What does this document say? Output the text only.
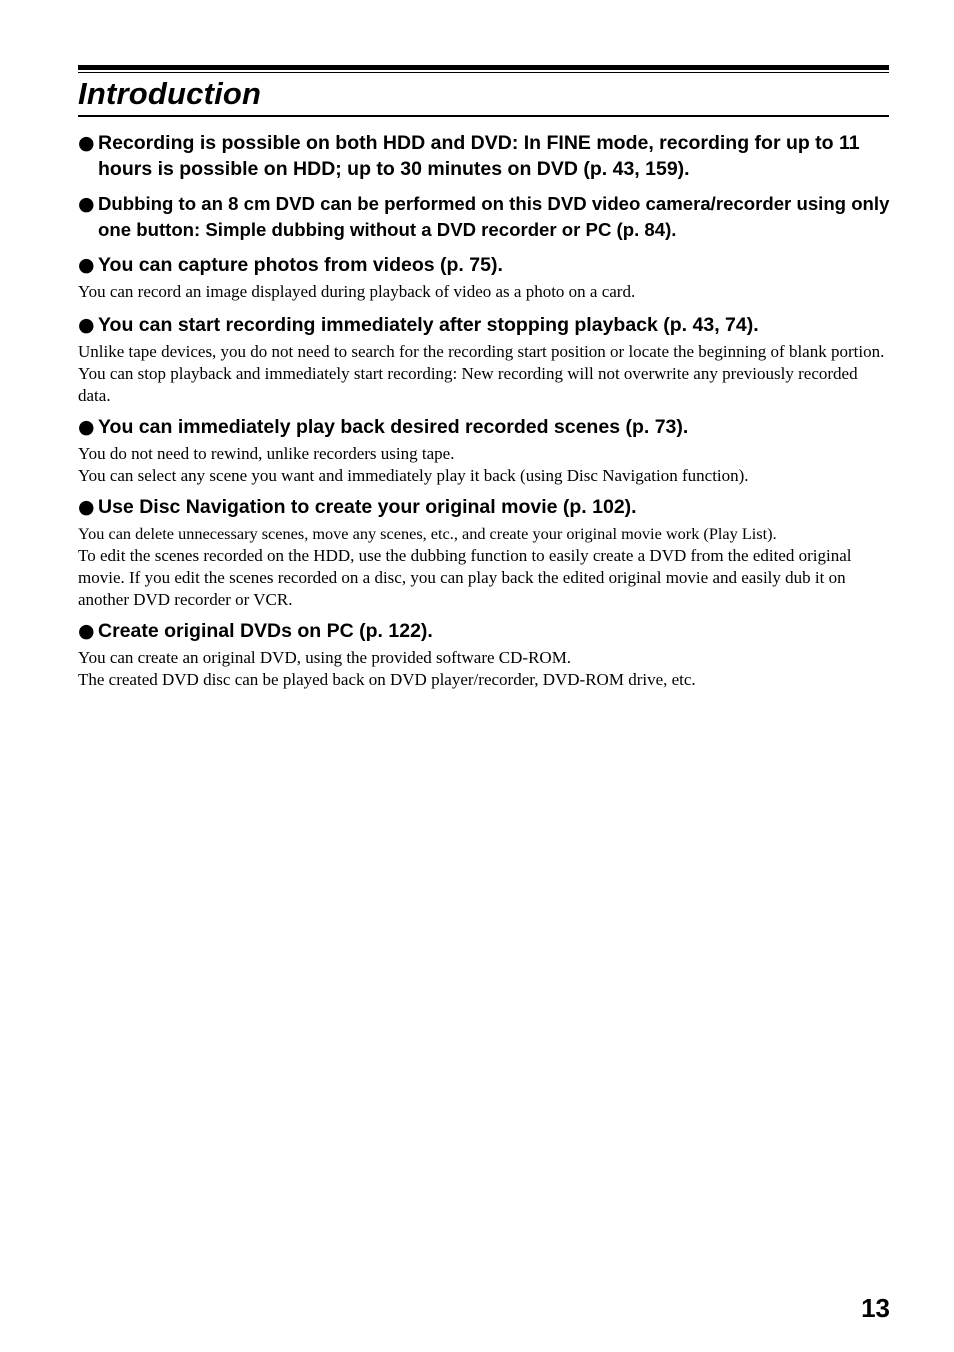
Introduction
● Recording is possible on both HDD and DVD: In FINE mode, recording for up to 11 hours is possible on HDD; up to 30 minutes on DVD (p. 43, 159).
● Dubbing to an 8 cm DVD can be performed on this DVD video camera/recorder using only one button: Simple dubbing without a DVD recorder or PC (p. 84).
● You can capture photos from videos (p. 75).

You can record an image displayed during playback of video as a photo on a card.

● You can start recording immediately after stopping playback (p. 43, 74).

Unlike tape devices, you do not need to search for the recording start position or locate the beginning of blank portion.

You can stop playback and immediately start recording: New recording will not overwrite any previously recorded data.

● You can immediately play back desired recorded scenes (p. 73).

You do not need to rewind, unlike recorders using tape.

You can select any scene you want and immediately play it back (using Disc Navigation function).

● Use Disc Navigation to create your original movie (p. 102).

You can delete unnecessary scenes, move any scenes, etc., and create your original movie work (Play List).

To edit the scenes recorded on the HDD, use the dubbing function to easily create a DVD from the edited original movie. If you edit the scenes recorded on a disc, you can play back the edited original movie and easily dub it on another DVD recorder or VCR.

● Create original DVDs on PC (p. 122).

You can create an original DVD, using the provided software CD-ROM.

The created DVD disc can be played back on DVD player/recorder, DVD-ROM drive, etc.

13
